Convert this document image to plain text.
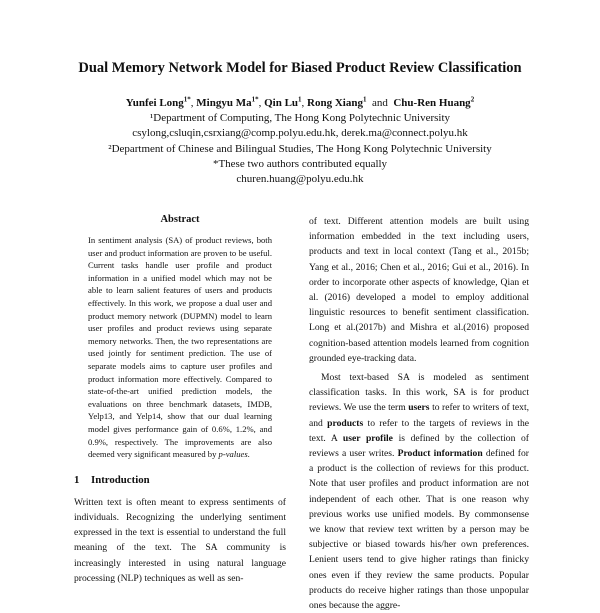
Dual Memory Network Model for Biased Product Review Classification
Yunfei Long$^{1*}$, Mingyu $Ma^{1*}$, Qin Lu$^1$, Rong Xiang$^1$  and  Chu-Ren Huang$^2$
¹Department of Computing, The Hong Kong Polytechnic University
csylong,csluqin,csrxiang@comp.polyu.edu.hk, derek.ma@connect.polyu.hk
²Department of Chinese and Bilingual Studies, The Hong Kong Polytechnic University
*These two authors contributed equally
churen.huang@polyu.edu.hk
Abstract

In sentiment analysis (SA) of product reviews, both user and product information are proven to be useful. Current tasks handle user profile and product information in a unified model which may not be able to learn salient features of users and products effectively. In this work, we propose a dual user and product memory network (DUPMN) model to learn user profiles and product reviews using separate memory networks. Then, the two representations are used jointly for sentiment prediction. The use of separate models aims to capture user profiles and product information more effectively. Compared to state-of-the-art unified prediction models, the evaluations on three benchmark datasets, IMDB, Yelp13, and Yelp14, show that our dual learning model gives performance gain of 0.6%, 1.2%, and 0.9%, respectively. The improvements are also deemed very significant measured by p-values.

1 Introduction

Written text is often meant to express sentiments of individuals. Recognizing the underlying sentiment expressed in the text is essential to understand the full meaning of the text. The SA community is increasingly interested in using natural language processing (NLP) techniques as well as sen-

of text. Different attention models are built using information embedded in the text including users, products and text in local context (Tang et al., 2015b; Yang et al., 2016; Chen et al., 2016; Gui et al., 2016). In order to incorporate other aspects of knowledge, Qian et al. (2016) developed a model to employ additional linguistic resources to benefit sentiment classification. Long et al.(2017b) and Mishra et al.(2016) proposed cognition-based attention models learned from cognition grounded eye-tracking data.

Most text-based SA is modeled as sentiment classification tasks. In this work, SA is for product reviews. We use the term users to refer to writers of text, and products to refer to the targets of reviews in the text. A user profile is defined by the collection of reviews a user writes. Product information defined for a product is the collection of reviews for this product. Note that user profiles and product information are not independent of each other. That is one reason why previous works use unified models. By commonsense we know that review text written by a person may be subjective or biased towards his/her own preferences. Lenient users tend to give higher ratings than finicky ones even if they review the same products. Popular products do receive higher ratings than those unpopular ones because the aggre-
